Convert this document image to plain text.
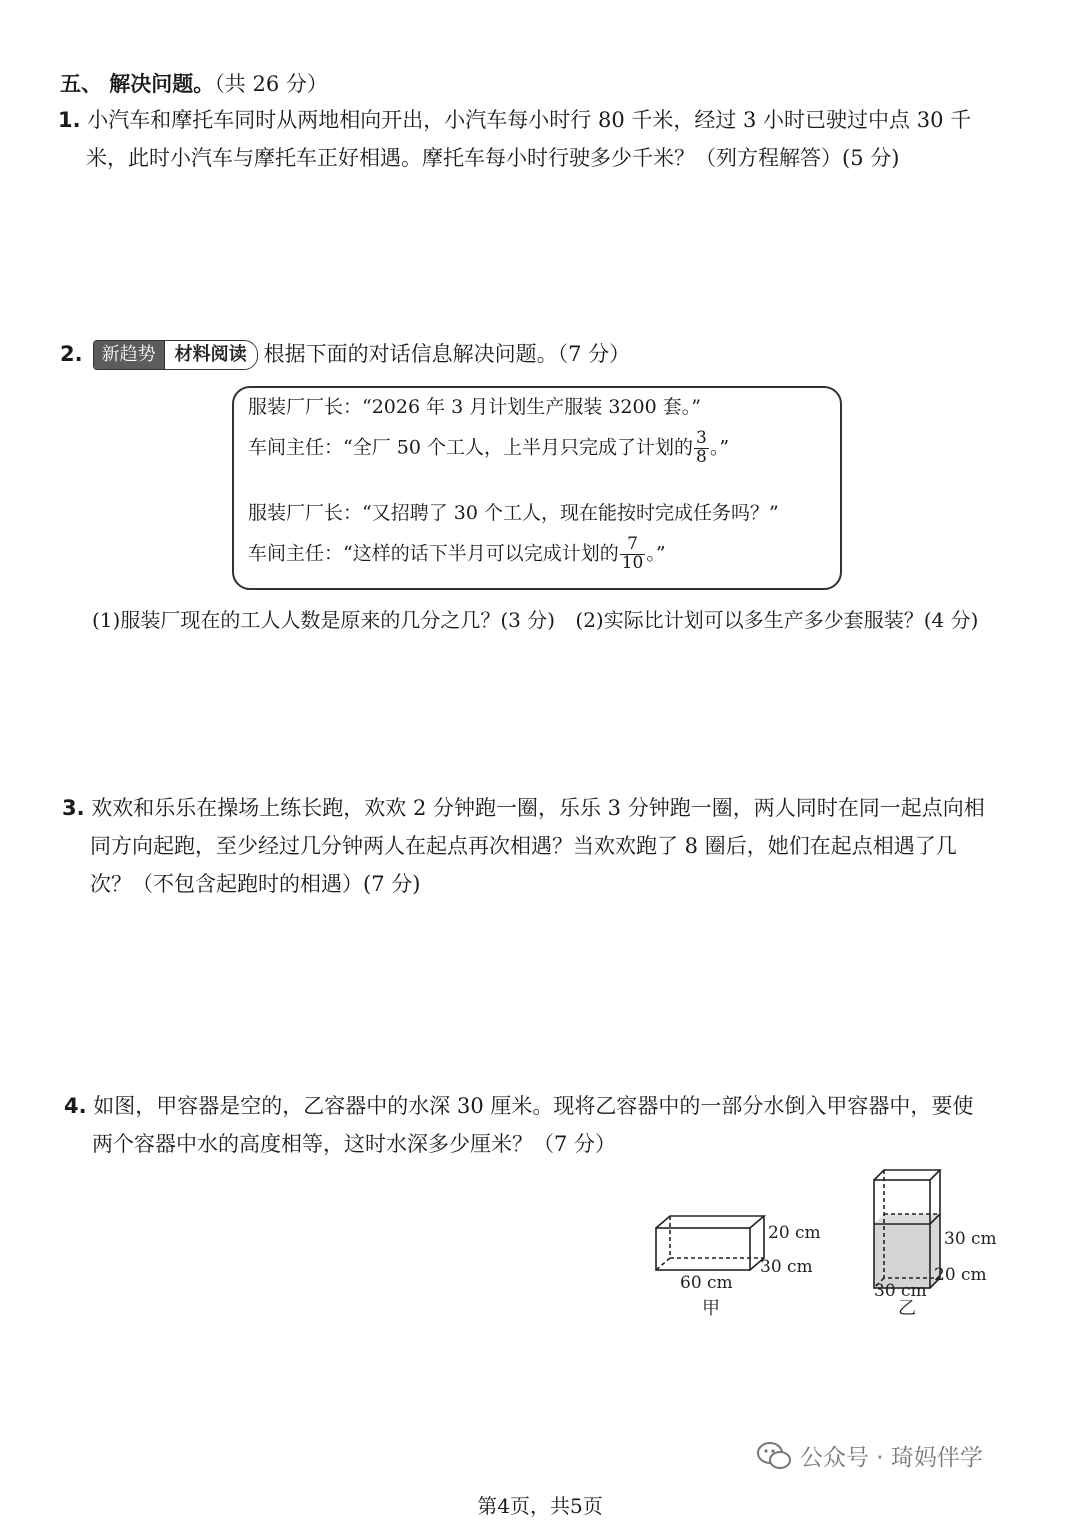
五、 解决问题。（共 26 分）
1. 小汽车和摩托车同时从两地相向开出，小汽车每小时行 80 千米，经过 3 小时已驶过中点 30 千
米，此时小汽车与摩托车正好相遇。摩托车每小时行驶多少千米？（列方程解答）(5 分)
2.	新趋势	材料阅读 根据下面的对话信息解决问题。（7 分）
服装厂厂长：“2026 年 3 月计划生产服装 3200 套。”
车间主任：“全厂 50 个工人，上半月只完成了计划的 $\frac{3}{8}$ 。”
服装厂厂长：“又招聘了 30 个工人，现在能按时完成任务吗？”
车间主任：“这样的话下半月可以完成计划的 $\frac{7}{10}$ 。”
(1)服装厂现在的工人人数是原来的几分之几？(3 分) (2)实际比计划可以多生产多少套服装？(4 分)
3. 欢欢和乐乐在操场上练长跑，欢欢 2 分钟跑一圈，乐乐 3 分钟跑一圈，两人同时在同一起点向相
同方向起跑，至少经过几分钟两人在起点再次相遇？当欢欢跑了 8 圈后，她们在起点相遇了几
次？（不包含起跑时的相遇）(7 分)
4. 如图，甲容器是空的，乙容器中的水深 30 厘米。现将乙容器中的一部分水倒入甲容器中，要使
两个容器中水的高度相等，这时水深多少厘米？（7 分）
20 cm
30 cm
60 cm
甲
30 cm
20 cm
30 cm
乙
公众号 · 琦妈伴学
第4页，共5页
